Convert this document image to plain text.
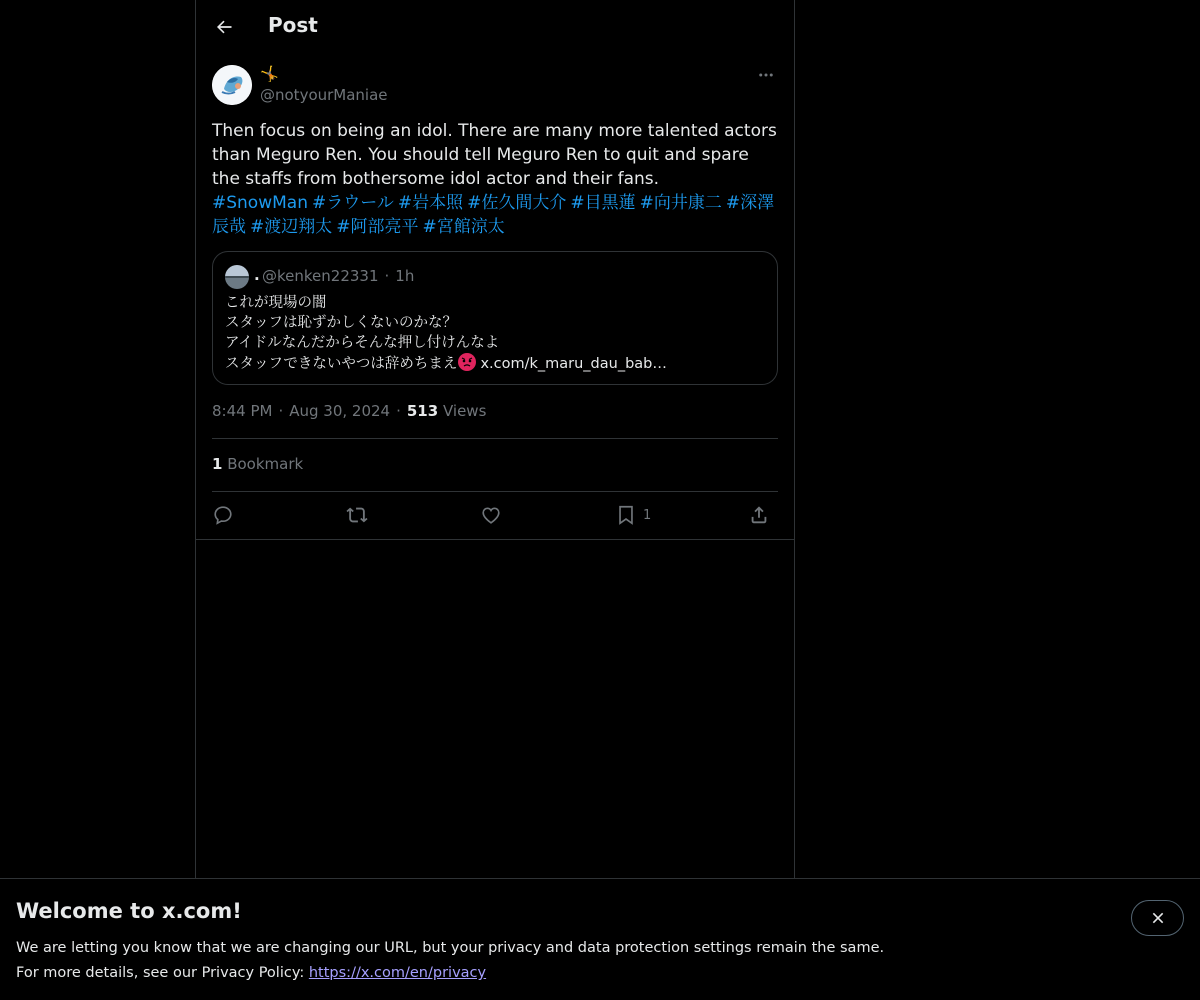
Post
🤸
@notyourManiae
Then focus on being an idol. There are many more talented actors than Meguro Ren. You should tell Meguro Ren to quit and spare the staffs from bothersome idol actor and their fans.
#SnowMan #ラウール #岩本照 #佐久間大介 #目黒蓮 #向井康二 #深澤辰哉 #渡辺翔太 #阿部亮平 #宮館涼太
. @kenken22331 · 1h
これが現場の闇
スタッフは恥ずかしくないのかな？
アイドルなんだからそんな押し付けんなよ
スタッフできないやつは辞めちまえ x.com/k_maru_dau_bab…
8:44 PM · Aug 30, 2024 · 513 Views
1 Bookmark
1
Welcome to x.com!
We are letting you know that we are changing our URL, but your privacy and data protection settings remain the same.
For more details, see our Privacy Policy: https://x.com/en/privacy
